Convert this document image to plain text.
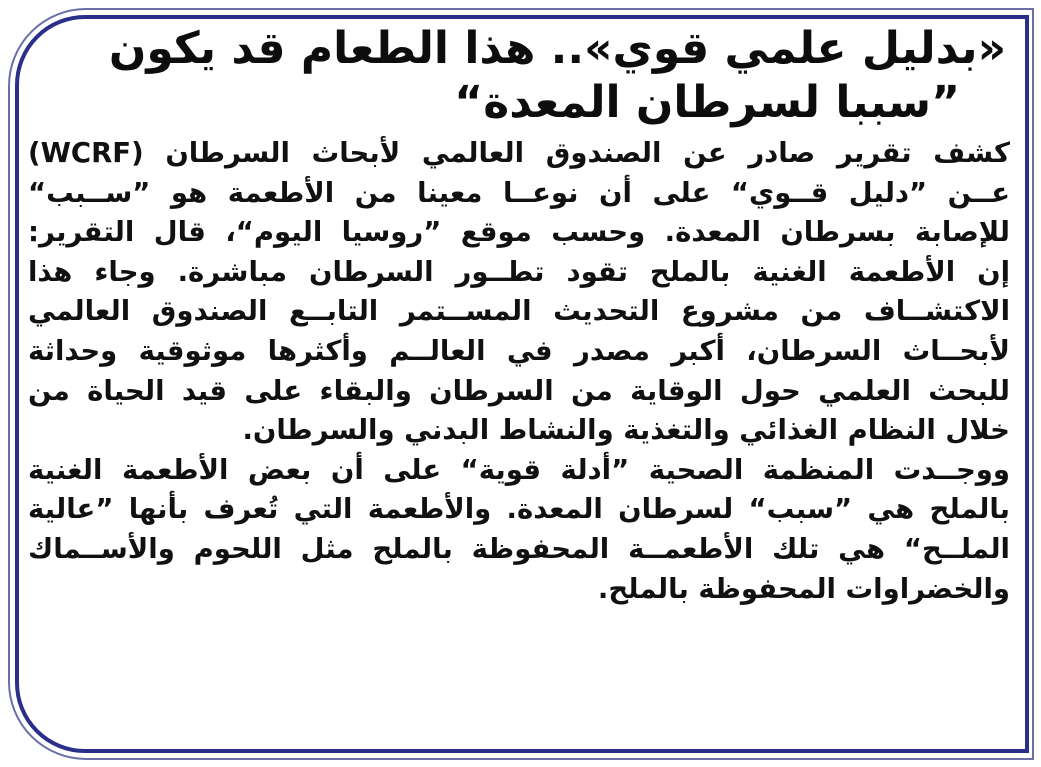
«بدليل علمي قوي».. هذا الطعام قد يكون
”سببا لسرطان المعدة“
كشف تقرير صادر عن الصندوق العالمي لأبحاث السرطان (WCRF)
عــن ”دليل قــوي“ على أن نوعــا معينا من الأطعمة هو ”ســبب“
للإصابة بسرطان المعدة. وحسب موقع ”روسيا اليوم“، قال التقرير:
إن الأطعمة الغنية بالملح تقود تطــور السرطان مباشرة. وجاء هذا
الاكتشــاف من مشروع التحديث المســتمر التابــع الصندوق العالمي
لأبحــاث السرطان، أكبر مصدر في العالــم وأكثرها موثوقية وحداثة
للبحث العلمي حول الوقاية من السرطان والبقاء على قيد الحياة من
خلال النظام الغذائي والتغذية والنشاط البدني والسرطان.
ووجــدت المنظمة الصحية ”أدلة قوية“ على أن بعض الأطعمة الغنية
بالملح هي ”سبب“ لسرطان المعدة. والأطعمة التي تُعرف بأنها ”عالية
الملــح“ هي تلك الأطعمــة المحفوظة بالملح مثل اللحوم والأســماك
والخضراوات المحفوظة بالملح.
